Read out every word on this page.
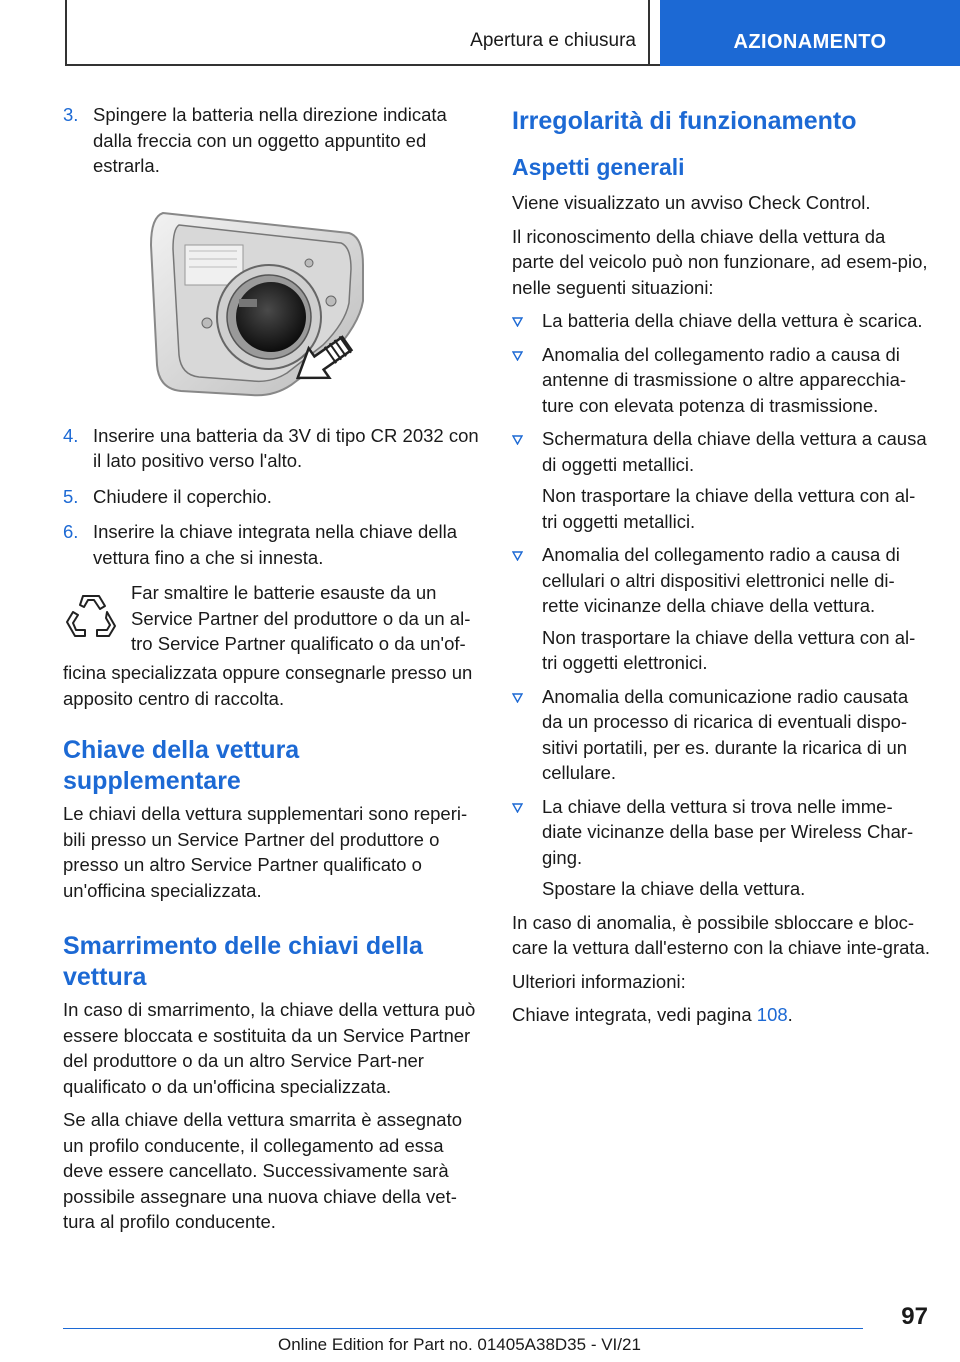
Apertura e chiusura	AZIONAMENTO
3. Spingere la batteria nella direzione indicata dalla freccia con un oggetto appuntito ed estrarla.
4. Inserire una batteria da 3V di tipo CR 2032 con il lato positivo verso l'alto.
5. Chiudere il coperchio.
6. Inserire la chiave integrata nella chiave della vettura fino a che si innesta.
Far smaltire le batterie esauste da un Service Partner del produttore o da un al-tro Service Partner qualificato o da un'of-

ficina specializzata oppure consegnarle presso un apposito centro di raccolta.

Chiave della vettura supplementare

Le chiavi della vettura supplementari sono reperi-bili presso un Service Partner del produttore o presso un altro Service Partner qualificato o un'officina specializzata.

Smarrimento delle chiavi della vettura

In caso di smarrimento, la chiave della vettura può essere bloccata e sostituita da un Service Partner del produttore o da un altro Service Part-ner qualificato o da un'officina specializzata.

Se alla chiave della vettura smarrita è assegnato un profilo conducente, il collegamento ad essa deve essere cancellato. Successivamente sarà possibile assegnare una nuova chiave della vet-tura al profilo conducente.

Irregolarità di funzionamento
Aspetti generali

Viene visualizzato un avviso Check Control.

Il riconoscimento della chiave della vettura da parte del veicolo può non funzionare, ad esem-pio, nelle seguenti situazioni:

La batteria della chiave della vettura è scarica.
Anomalia del collegamento radio a causa di antenne di trasmissione o altre apparecchia-ture con elevata potenza di trasmissione.
Schermatura della chiave della vettura a causa di oggetti metallici.
Non trasportare la chiave della vettura con al-tri oggetti metallici.
Anomalia del collegamento radio a causa di cellulari o altri dispositivi elettronici nelle di-rette vicinanze della chiave della vettura.
Non trasportare la chiave della vettura con al-tri oggetti elettronici.
Anomalia della comunicazione radio causata da un processo di ricarica di eventuali dispo-sitivi portatili, per es. durante la ricarica di un cellulare.
La chiave della vettura si trova nelle imme-diate vicinanze della base per Wireless Char-ging.
Spostare la chiave della vettura.

In caso di anomalia, è possibile sbloccare e bloc-care la vettura dall'esterno con la chiave inte-grata.

Ulteriori informazioni:

Chiave integrata, vedi pagina 108.

97
Online Edition for Part no. 01405A38D35 - VI/21
